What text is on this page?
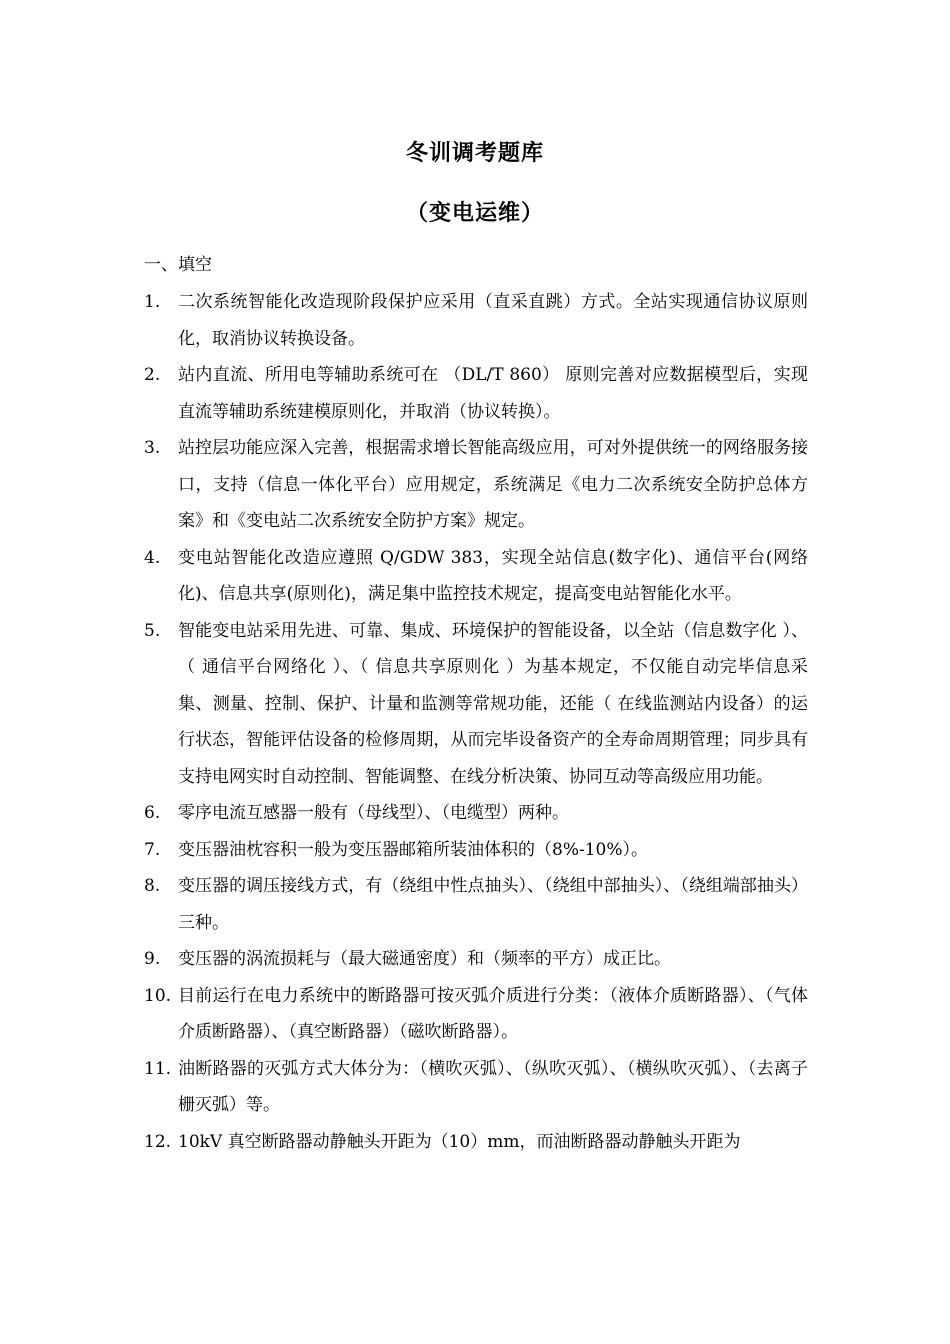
冬训调考题库
（变电运维）
一、填空
1. 二次系统智能化改造现阶段保护应采用（直采直跳）方式。全站实现通信协议原则化，取消协议转换设备。
2. 站内直流、所用电等辅助系统可在 （DL/T 860） 原则完善对应数据模型后，实现直流等辅助系统建模原则化，并取消（协议转换）。
3. 站控层功能应深入完善，根据需求增长智能高级应用，可对外提供统一的网络服务接口，支持（信息一体化平台）应用规定，系统满足《电力二次系统安全防护总体方案》和《变电站二次系统安全防护方案》规定。
4. 变电站智能化改造应遵照 Q/GDW 383，实现全站信息(数字化)、通信平台(网络化)、信息共享(原则化)，满足集中监控技术规定，提高变电站智能化水平。
5. 智能变电站采用先进、可靠、集成、环境保护的智能设备，以全站（信息数字化 ）、（ 通信平台网络化 ）、（ 信息共享原则化 ）为基本规定，不仅能自动完毕信息采集、测量、控制、保护、计量和监测等常规功能，还能（ 在线监测站内设备）的运行状态，智能评估设备的检修周期，从而完毕设备资产的全寿命周期管理；同步具有支持电网实时自动控制、智能调整、在线分析决策、协同互动等高级应用功能。
6. 零序电流互感器一般有（母线型）、（电缆型）两种。
7. 变压器油枕容积一般为变压器邮箱所装油体积的（8%-10%）。
8. 变压器的调压接线方式，有（绕组中性点抽头）、（绕组中部抽头）、（绕组端部抽头）三种。
9. 变压器的涡流损耗与（最大磁通密度）和（频率的平方）成正比。
10. 目前运行在电力系统中的断路器可按灭弧介质进行分类：（液体介质断路器）、（气体介质断路器）、（真空断路器）（磁吹断路器）。
11. 油断路器的灭弧方式大体分为：（横吹灭弧）、（纵吹灭弧）、（横纵吹灭弧）、（去离子栅灭弧）等。
12. 10kV 真空断路器动静触头开距为（10）mm，而油断路器动静触头开距为
